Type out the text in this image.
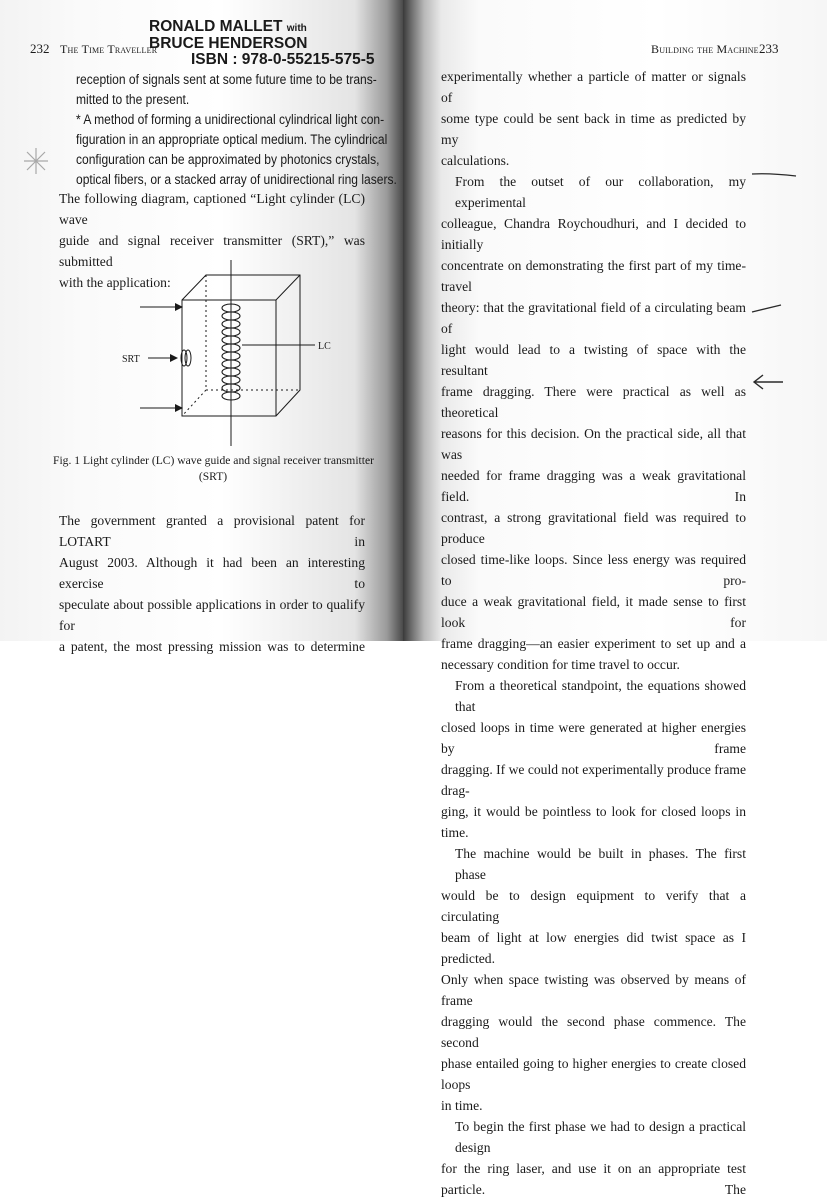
232 The Time Traveller
RONALD MALLET with
BRUCE HENDERSON
ISBN : 978-0-55215-575-5
reception of signals sent at some future time to be trans-
mitted to the present.
* A method of forming a unidirectional cylindrical light con-
figuration in an appropriate optical medium. The cylindrical
configuration can be approximated by photonics crystals,
optical fibers, or a stacked array of unidirectional ring lasers.
The following diagram, captioned “Light cylinder (LC) wave
guide and signal receiver transmitter (SRT),” was submitted
with the application:
SRT
LC
Fig. 1 Light cylinder (LC) wave guide and signal receiver transmitter
(SRT)
The government granted a provisional patent for LOTART in
August 2003. Although it had been an interesting exercise to
speculate about possible applications in order to qualify for
a patent, the most pressing mission was to determine
Building the Machine 233
experimentally whether a particle of matter or signals of
some type could be sent back in time as predicted by my
calculations.
From the outset of our collaboration, my experimental
colleague, Chandra Roychoudhuri, and I decided to initially
concentrate on demonstrating the first part of my time-travel
theory: that the gravitational field of a circulating beam of
light would lead to a twisting of space with the resultant
frame dragging. There were practical as well as theoretical
reasons for this decision. On the practical side, all that was
needed for frame dragging was a weak gravitational field. In
contrast, a strong gravitational field was required to produce
closed time-like loops. Since less energy was required to pro-
duce a weak gravitational field, it made sense to first look for
frame dragging—an easier experiment to set up and a
necessary condition for time travel to occur.
From a theoretical standpoint, the equations showed that
closed loops in time were generated at higher energies by frame
dragging. If we could not experimentally produce frame drag-
ging, it would be pointless to look for closed loops in
time.
The machine would be built in phases. The first phase
would be to design equipment to verify that a circulating
beam of light at low energies did twist space as I predicted.
Only when space twisting was observed by means of frame
dragging would the second phase commence. The second
phase entailed going to higher energies to create closed loops
in time.
To begin the first phase we had to design a practical design
for the ring laser, and use it on an appropriate test particle. The
